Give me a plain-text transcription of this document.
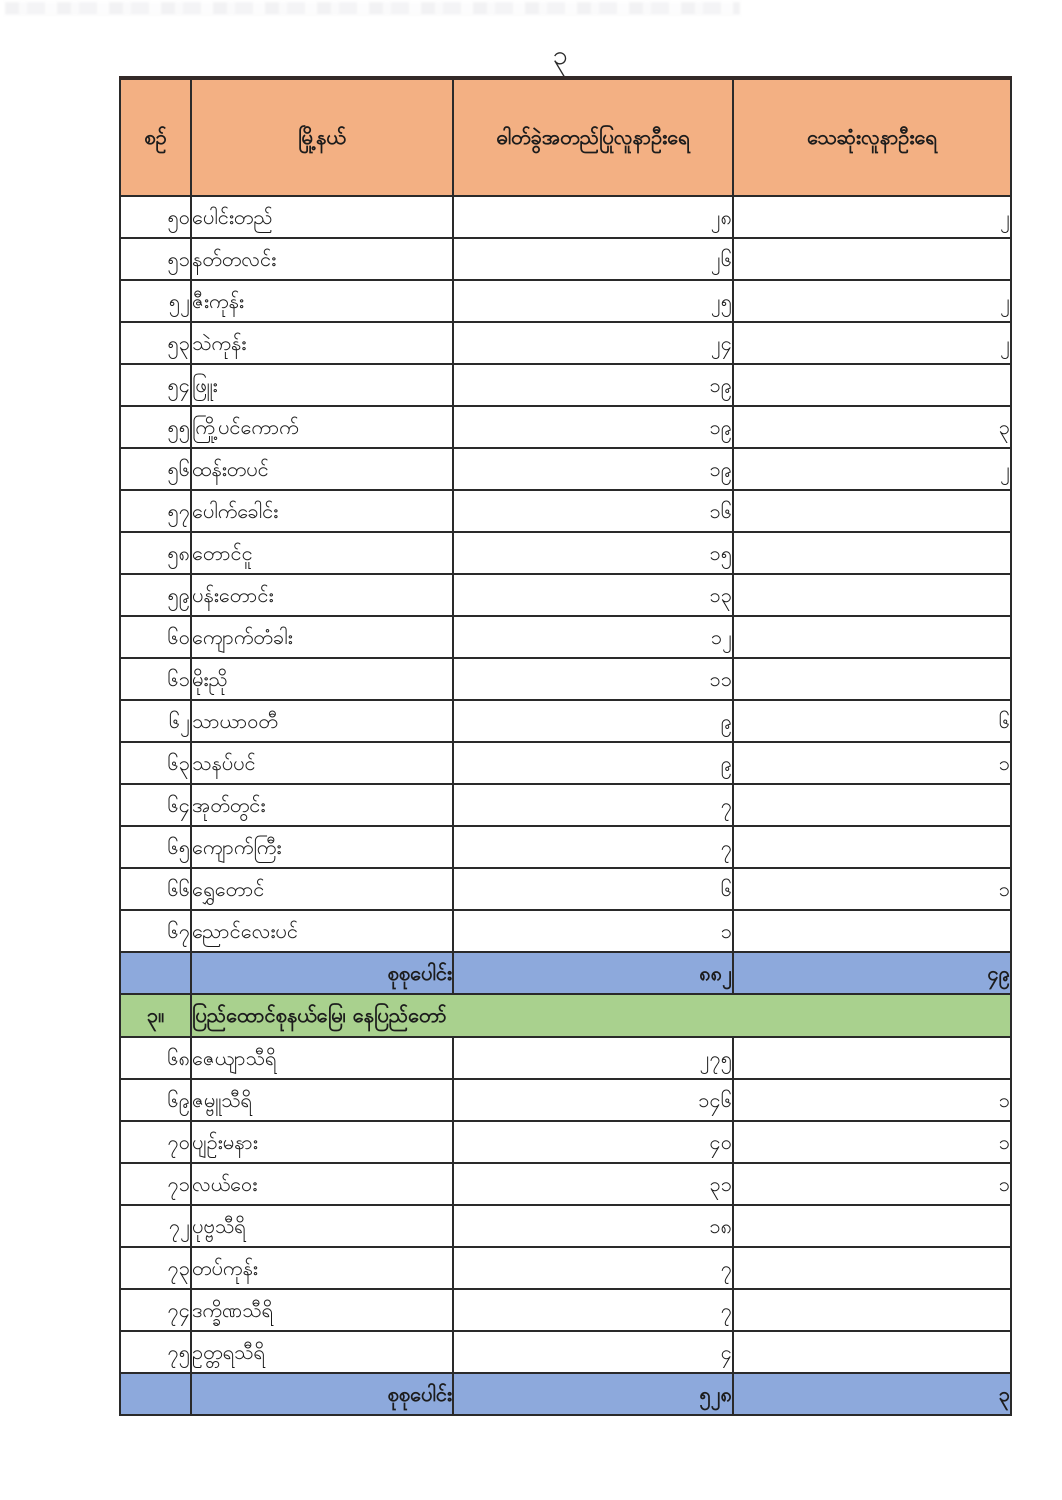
၃
စဉ်	မြို့နယ်	ဓါတ်ခွဲအတည်ပြုလူနာဦးရေ	သေဆုံးလူနာဦးရေ
၅၀	ပေါင်းတည်	၂၈	၂
၅၁	နတ်တလင်း	၂၆	
၅၂	ဇီးကုန်း	၂၅	၂
၅၃	သဲကုန်း	၂၄	၂
၅၄	ဖြူး	၁၉	
၅၅	ကြို့ပင်ကောက်	၁၉	၃
၅၆	ထန်းတပင်	၁၉	၂
၅၇	ပေါက်ခေါင်း	၁၆	
၅၈	တောင်ငူ	၁၅	
၅၉	ပန်းတောင်း	၁၃	
၆၀	ကျောက်တံခါး	၁၂	
၆၁	မိုးညို	၁၁	
၆၂	သာယာဝတီ	၉	၆
၆၃	သနပ်ပင်	၉	၁
၆၄	အုတ်တွင်း	၇	
၆၅	ကျောက်ကြီး	၇	
၆၆	ရွှေတောင်	၆	၁
၆၇	ညောင်လေးပင်	၁	
	စုစုပေါင်း	၈၈၂	၄၉
၃။	ပြည်ထောင်စုနယ်မြေ၊ နေပြည်တော်		
၆၈	ဇေယျာသီရိ	၂၇၅	
၆၉	ဇမ္ဗူသီရိ	၁၄၆	၁
၇၀	ပျဉ်းမနား	၄၀	၁
၇၁	လယ်ဝေး	၃၁	၁
၇၂	ပုဗ္ဗသီရိ	၁၈	
၇၃	တပ်ကုန်း	၇	
၇၄	ဒက္ခိဏသီရိ	၇	
၇၅	ဥတ္တရသီရိ	၄	
	စုစုပေါင်း	၅၂၈	၃
